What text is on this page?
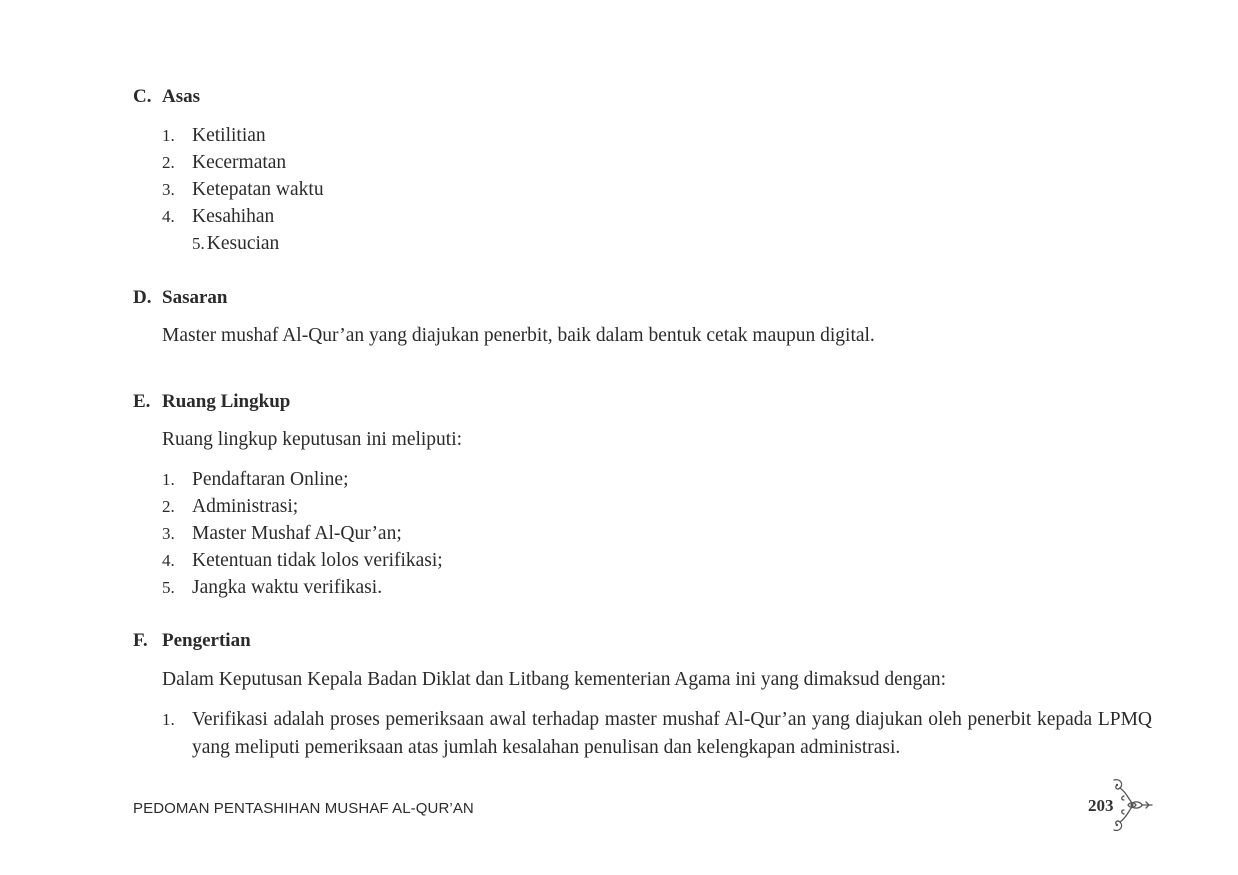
C. Asas
1. Ketilitian
2. Kecermatan
3. Ketepatan waktu
4. Kesahihan
5. Kesucian
D. Sasaran
Master mushaf Al-Qur’an yang diajukan penerbit, baik dalam bentuk cetak maupun digital.
E. Ruang Lingkup
Ruang lingkup keputusan ini meliputi:
1. Pendaftaran Online;
2. Administrasi;
3. Master Mushaf Al-Qur’an;
4. Ketentuan tidak lolos verifikasi;
5. Jangka waktu verifikasi.
F. Pengertian
Dalam Keputusan Kepala Badan Diklat dan Litbang kementerian Agama ini yang dimaksud dengan:
1. Verifikasi adalah proses pemeriksaan awal terhadap master mushaf Al-Qur’an yang diajukan oleh penerbit kepada LPMQ yang meliputi pemeriksaan atas jumlah kesalahan penulisan dan kelengkapan administrasi.
PEDOMAN PENTASHIHAN MUSHAF AL-QUR’AN	203
